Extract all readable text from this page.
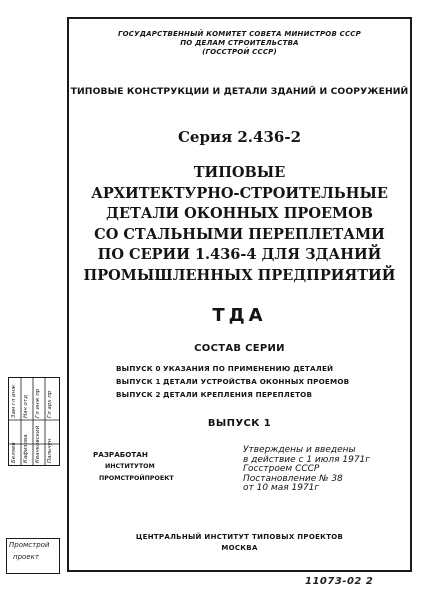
ГОСУДАРСТВЕННЫЙ КОМИТЕТ СОВЕТА МИНИСТРОВ СССР
ПО ДЕЛАМ СТРОИТЕЛЬСТВА
(ГОССТРОЙ СССР)
ТИПОВЫЕ КОНСТРУКЦИИ И ДЕТАЛИ ЗДАНИЙ И СООРУЖЕНИЙ
Серия 2.436-2
ТИПОВЫЕ
АРХИТЕКТУРНО-СТРОИТЕЛЬНЫЕ
ДЕТАЛИ ОКОННЫХ ПРОЕМОВ
СО СТАЛЬНЫМИ ПЕРЕПЛЕТАМИ
ПО СЕРИИ 1.436-4 ДЛЯ ЗДАНИЙ
ПРОМЫШЛЕННЫХ ПРЕДПРИЯТИЙ
ТДА
СОСТАВ СЕРИИ
ВЫПУСК 0 УКАЗАНИЯ ПО ПРИМЕНЕНИЮ ДЕТАЛЕЙ
ВЫПУСК 1 ДЕТАЛИ УСТРОЙСТВА ОКОННЫХ ПРОЕМОВ
ВЫПУСК 2 ДЕТАЛИ КРЕПЛЕНИЯ ПЕРЕПЛЕТОВ
ВЫПУСК 1
РАЗРАБОТАН
ИНСТИТУТОМ
ПРОМСТРОЙПРОЕКТ
Утверждены и введены
в действие с 1 июля 1971г
Госстроем СССР
Постановление № 38
от 10 мая 1971г
ЦЕНТРАЛЬНЫЙ ИНСТИТУТ ТИПОВЫХ ПРОЕКТОВ
МОСКВА
Зам гл инж Нач отд Гл инж пр Гл арх пр
Беляев Кафизова Квачковский Пальчун
Промстрой
проект
11073-02 2
